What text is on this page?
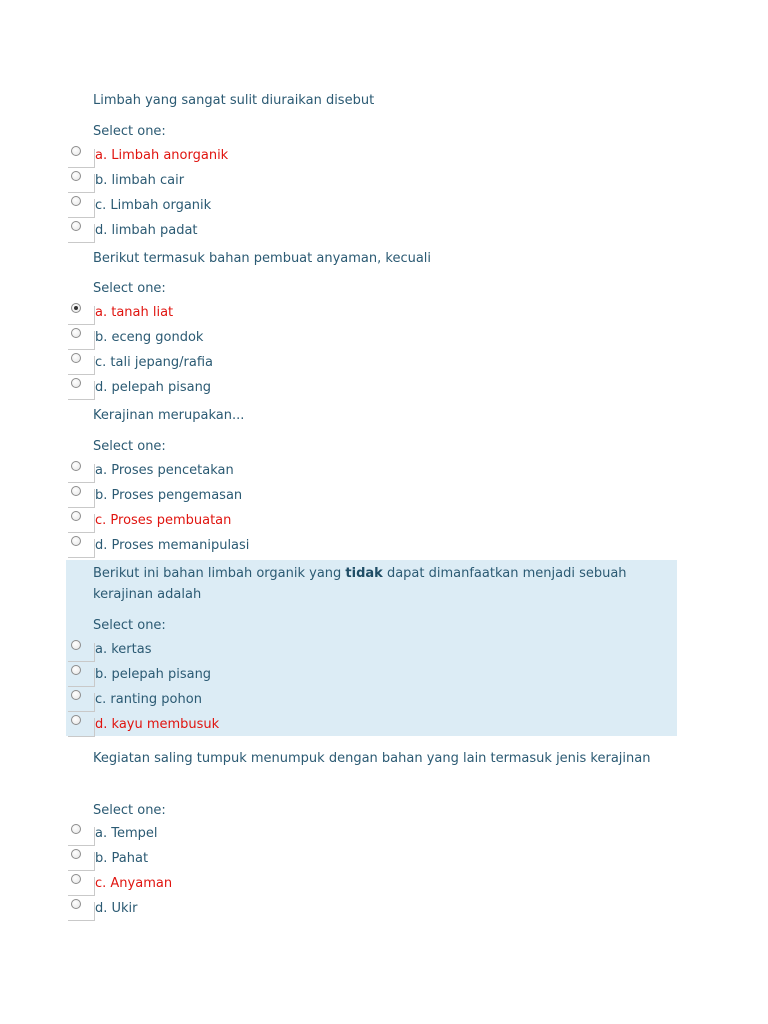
Limbah yang sangat sulit diuraikan disebut

Select one:
a. Limbah anorganik
b. limbah cair
c. Limbah organik
d. limbah padat

Berikut termasuk bahan pembuat anyaman, kecuali

Select one:
a. tanah liat
b. eceng gondok
c. tali jepang/rafia
d. pelepah pisang

Kerajinan merupakan...

Select one:
a. Proses pencetakan
b. Proses pengemasan
c. Proses pembuatan
d. Proses memanipulasi

Berikut ini bahan limbah organik yang tidak dapat dimanfaatkan menjadi sebuah kerajinan adalah

Select one:
a. kertas
b. pelepah pisang
c. ranting pohon
d. kayu membusuk

Kegiatan saling tumpuk menumpuk dengan bahan yang lain termasuk jenis kerajinan

Select one:
a. Tempel
b. Pahat
c. Anyaman
d. Ukir
